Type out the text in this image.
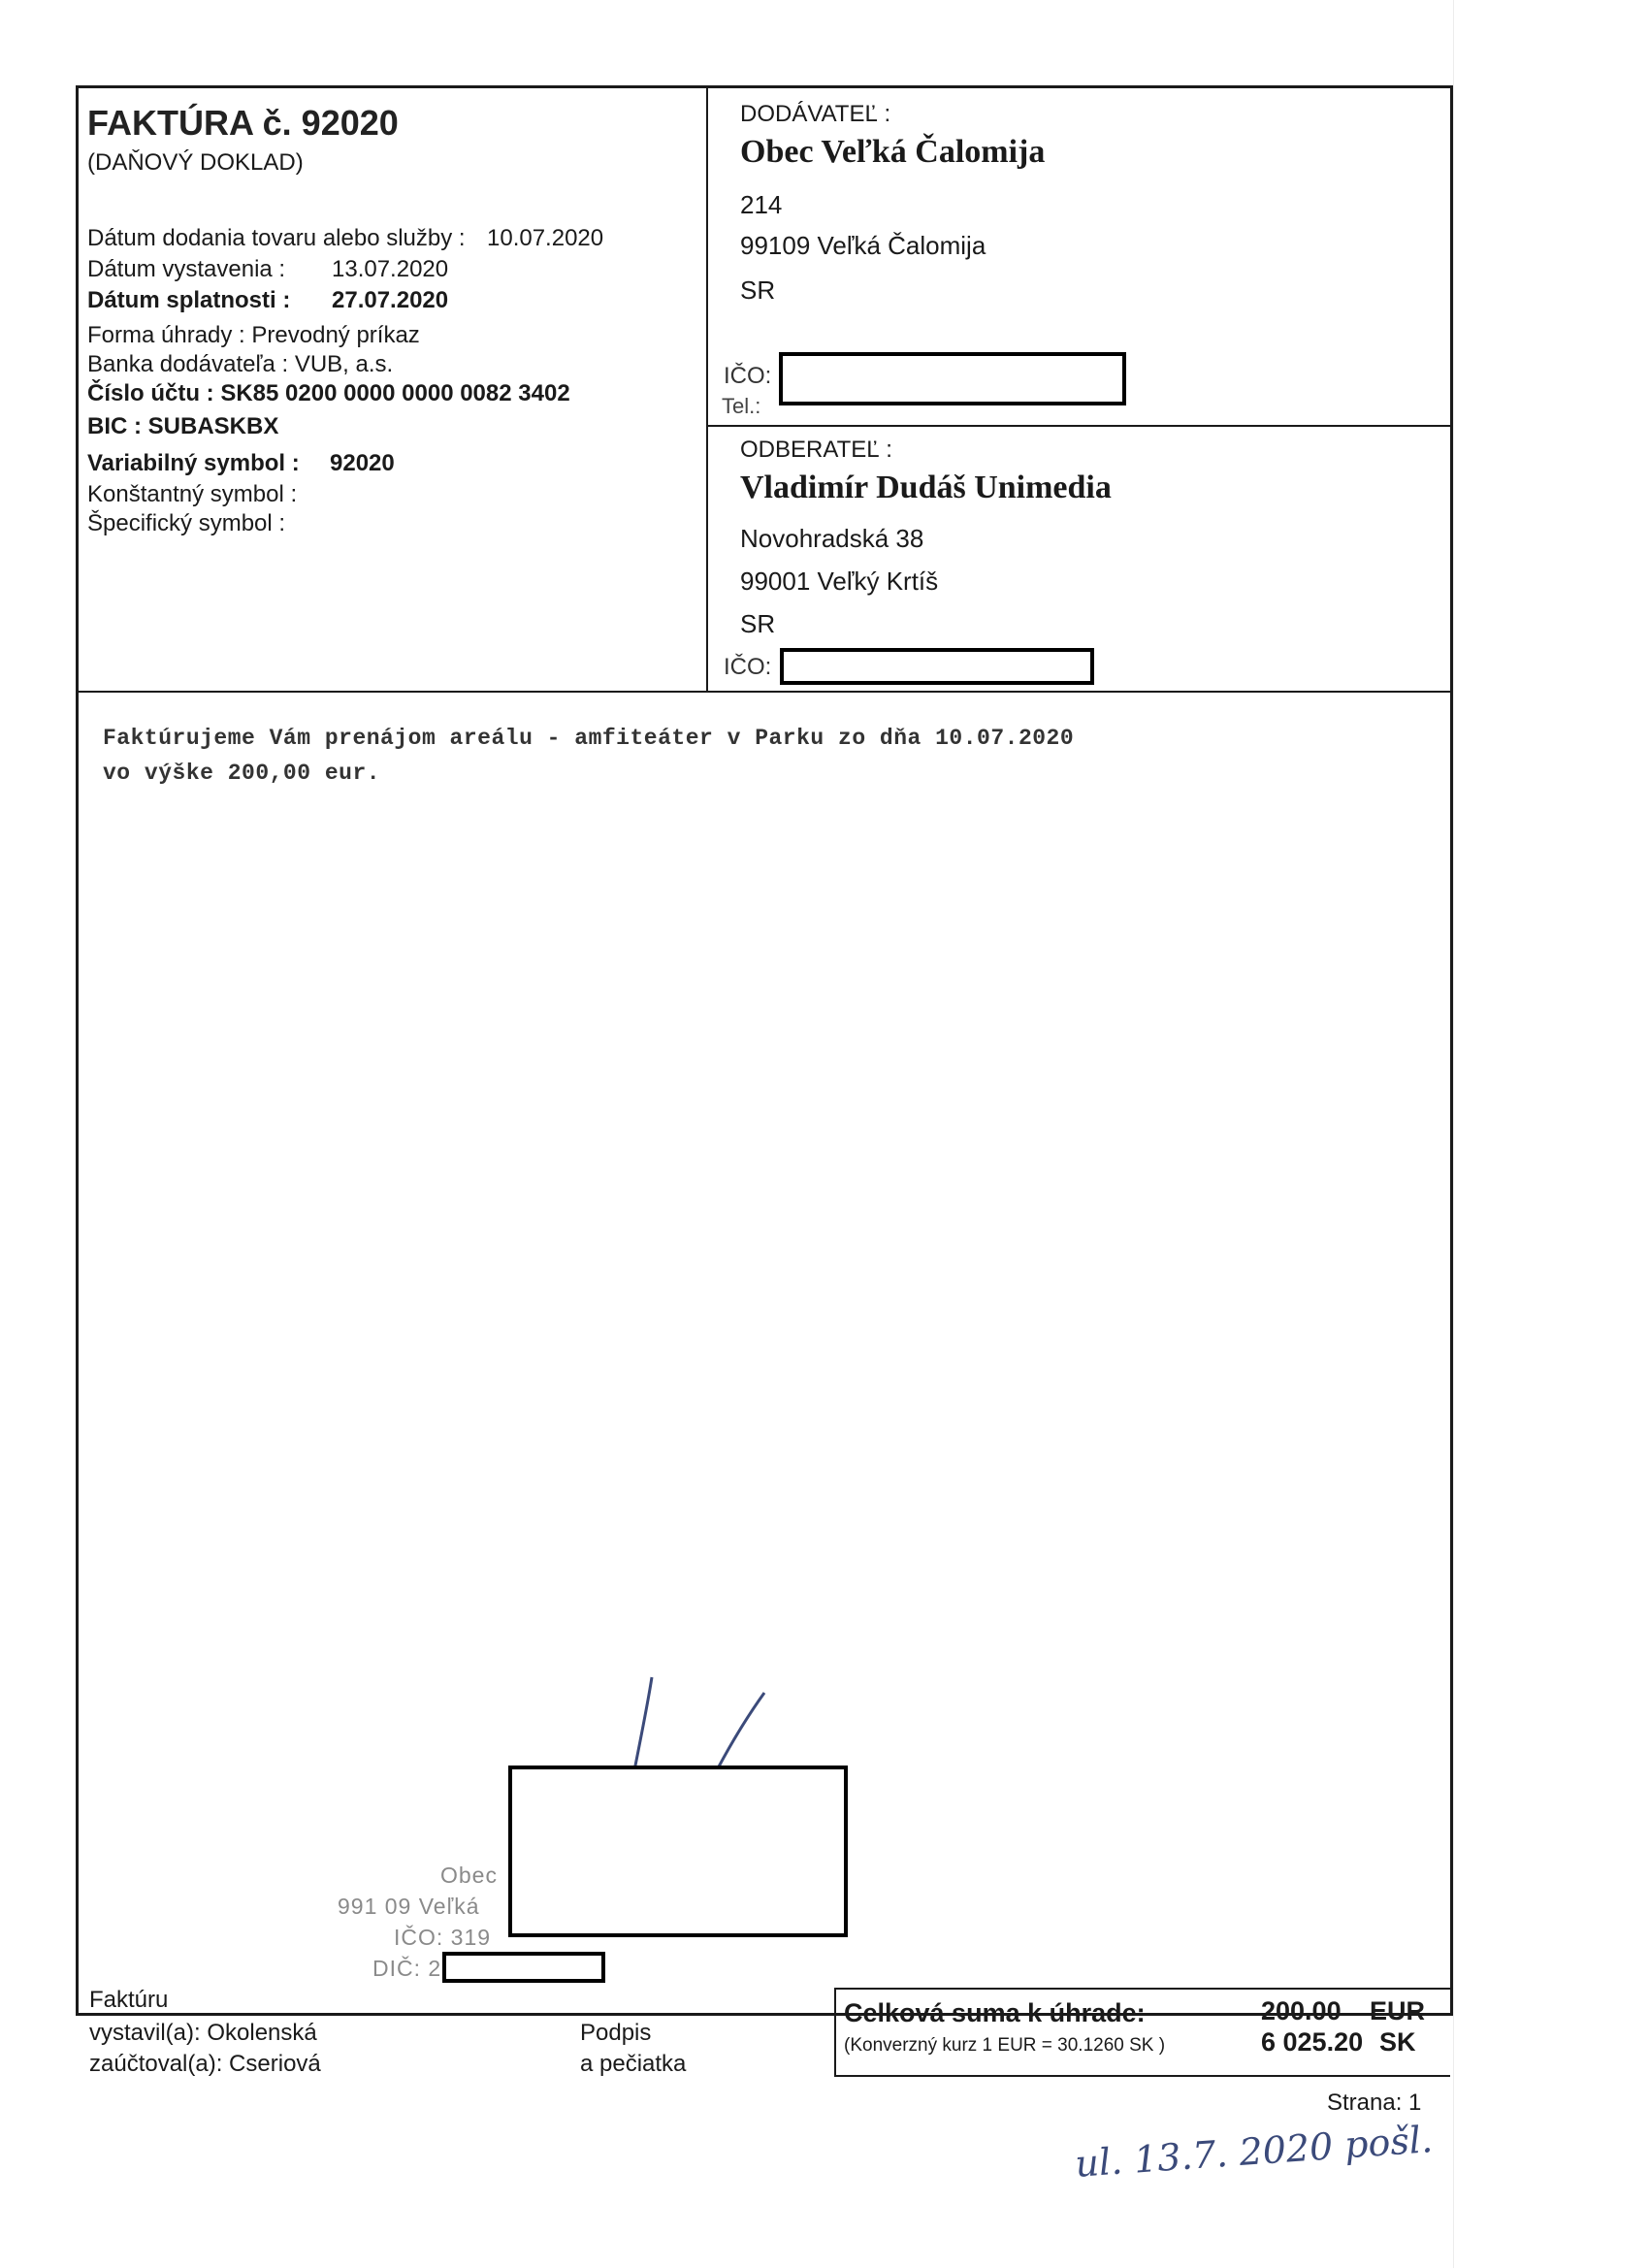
FAKTÚRA č. 92020
(DAŇOVÝ DOKLAD)
Dátum dodania tovaru alebo služby : 10.07.2020
Dátum vystavenia : 13.07.2020
Dátum splatnosti : 27.07.2020
Forma úhrady : Prevodný príkaz
Banka dodávateľa : VUB, a.s.
Číslo účtu : SK85 0200 0000 0000 0082 3402
BIC : SUBASKBX
Variabilný symbol : 92020
Konštantný symbol :
Špecifický symbol :
DODÁVATEĽ :
Obec Veľká Čalomija
214
99109 Veľká Čalomija
SR
IČO:
Tel.:
ODBERATEĽ :
Vladimír Dudáš Unimedia
Novohradská 38
99001 Veľký Krtíš
SR
IČO:
Faktúrujeme Vám prenájom areálu - amfiteáter v Parku zo dňa 10.07.2020
vo výške 200,00 eur.
Obec
991 09 Veľká
IČO: 319
DIČ: 2
Faktúru
vystavil(a): Okolenská
zaúčtoval(a): Cseriová
Podpis
a pečiatka
Celková suma k úhrade:
(Konverzný kurz 1 EUR = 30.1260 SK )
200.00 EUR
6 025.20 SK
Strana: 1
ul. 13.7. 2020 pošl.
